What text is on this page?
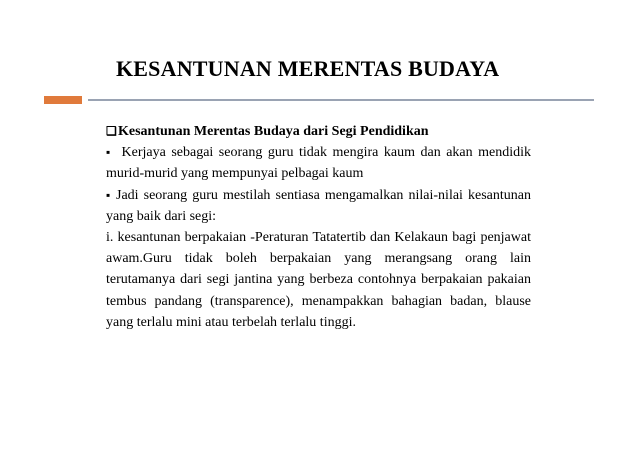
KESANTUNAN MERENTAS BUDAYA

❑Kesantunan Merentas Budaya dari Segi Pendidikan

▪ Kerjaya sebagai seorang guru tidak mengira kaum dan akan mendidik murid-murid yang mempunyai pelbagai kaum

▪ Jadi seorang guru mestilah sentiasa mengamalkan nilai-nilai kesantunan yang baik dari segi:

i. kesantunan berpakaian -Peraturan Tatatertib dan Kelakaun bagi penjawat awam.Guru tidak boleh berpakaian yang merangsang orang lain terutamanya dari segi jantina yang berbeza contohnya berpakaian pakaian tembus pandang (transparence), menampakkan bahagian badan, blause yang terlalu mini atau terbelah terlalu tinggi.
